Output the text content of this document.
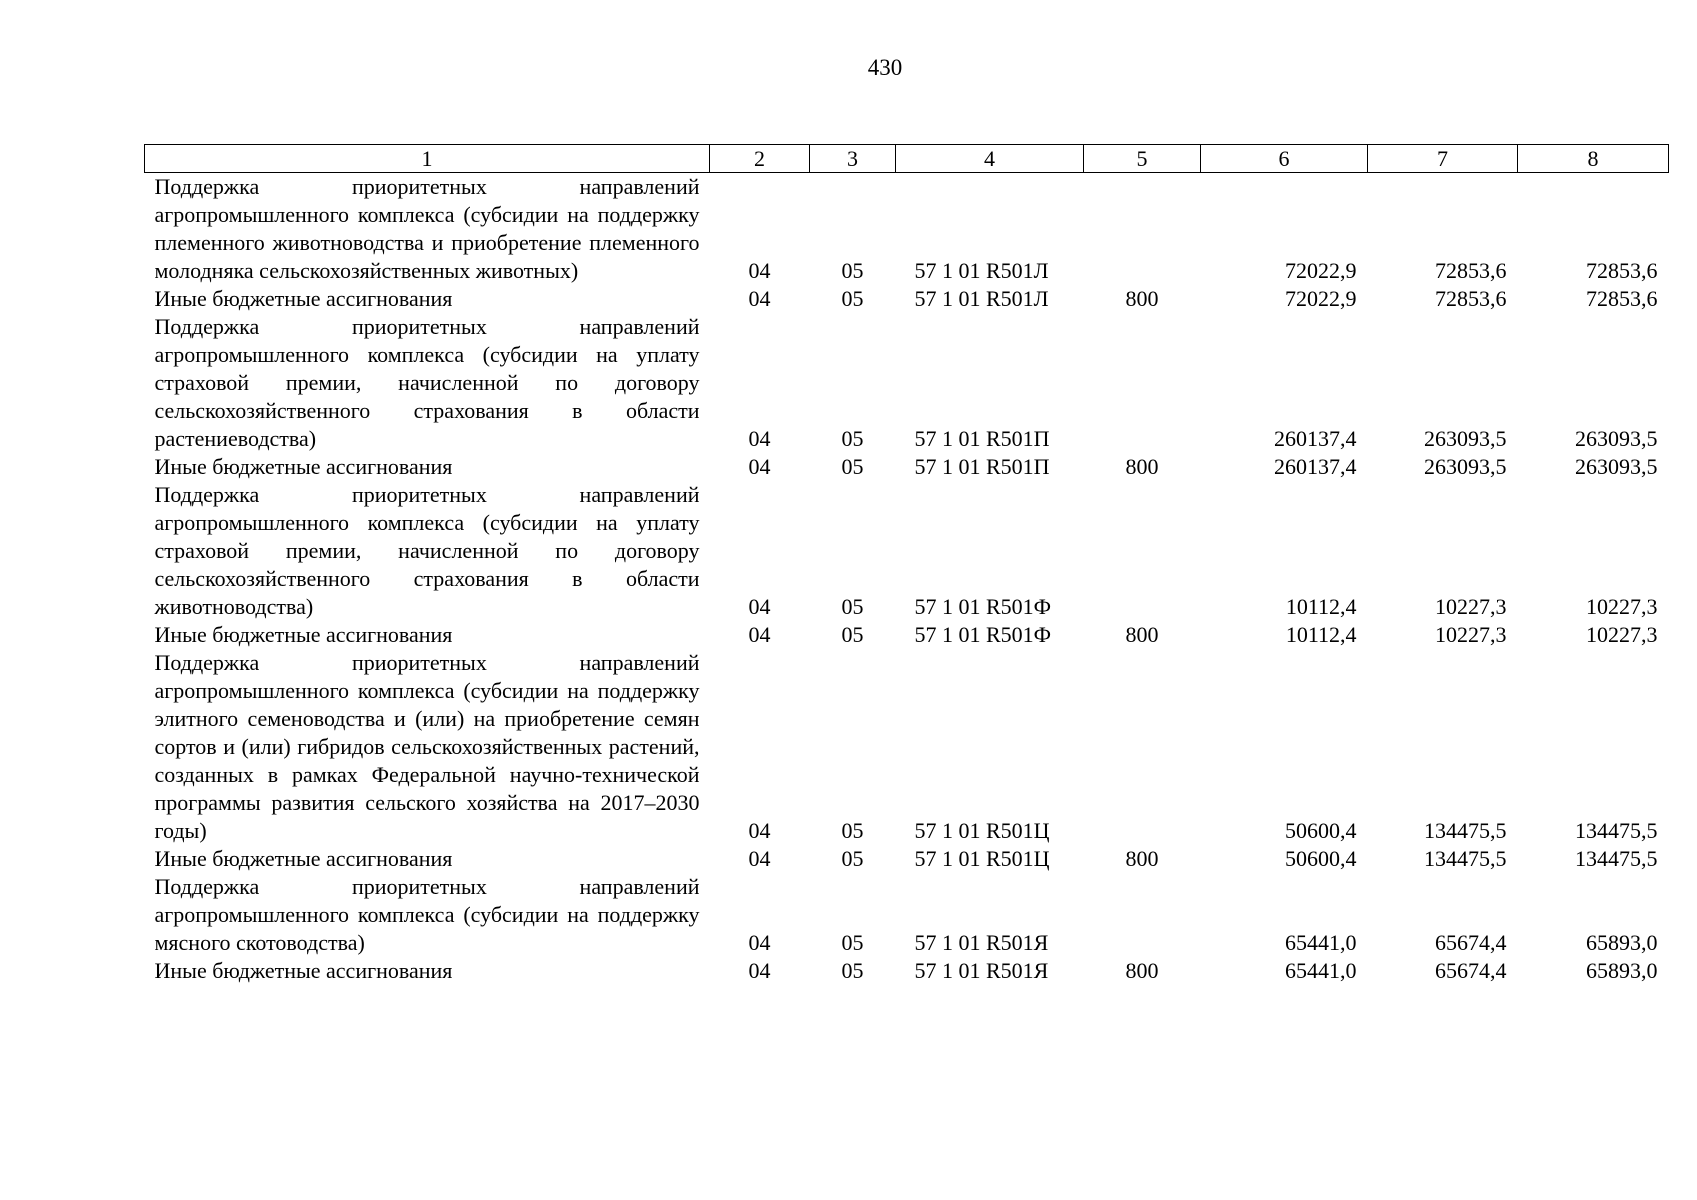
430
1	2	3	4	5	6	7	8
Поддержка приоритетных направлений агропромышленного комплекса (субсидии на поддержку племенного животноводства и приобретение племенного молодняка сельскохозяйственных животных)	04	05	57 1 01 R501Л		72022,9	72853,6	72853,6
Иные бюджетные ассигнования	04	05	57 1 01 R501Л	800	72022,9	72853,6	72853,6
Поддержка приоритетных направлений агропромышленного комплекса (субсидии на уплату страховой премии, начисленной по договору сельскохозяйственного страхования в области растениеводства)	04	05	57 1 01 R501П		260137,4	263093,5	263093,5
Иные бюджетные ассигнования	04	05	57 1 01 R501П	800	260137,4	263093,5	263093,5
Поддержка приоритетных направлений агропромышленного комплекса (субсидии на уплату страховой премии, начисленной по договору сельскохозяйственного страхования в области животноводства)	04	05	57 1 01 R501Ф		10112,4	10227,3	10227,3
Иные бюджетные ассигнования	04	05	57 1 01 R501Ф	800	10112,4	10227,3	10227,3
Поддержка приоритетных направлений агропромышленного комплекса (субсидии на поддержку элитного семеноводства и (или) на приобретение семян сортов и (или) гибридов сельскохозяйственных растений, созданных в рамках Федеральной научно-технической программы развития сельского хозяйства на 2017–2030 годы)	04	05	57 1 01 R501Ц		50600,4	134475,5	134475,5
Иные бюджетные ассигнования	04	05	57 1 01 R501Ц	800	50600,4	134475,5	134475,5
Поддержка приоритетных направлений агропромышленного комплекса (субсидии на поддержку мясного скотоводства)	04	05	57 1 01 R501Я		65441,0	65674,4	65893,0
Иные бюджетные ассигнования	04	05	57 1 01 R501Я	800	65441,0	65674,4	65893,0
